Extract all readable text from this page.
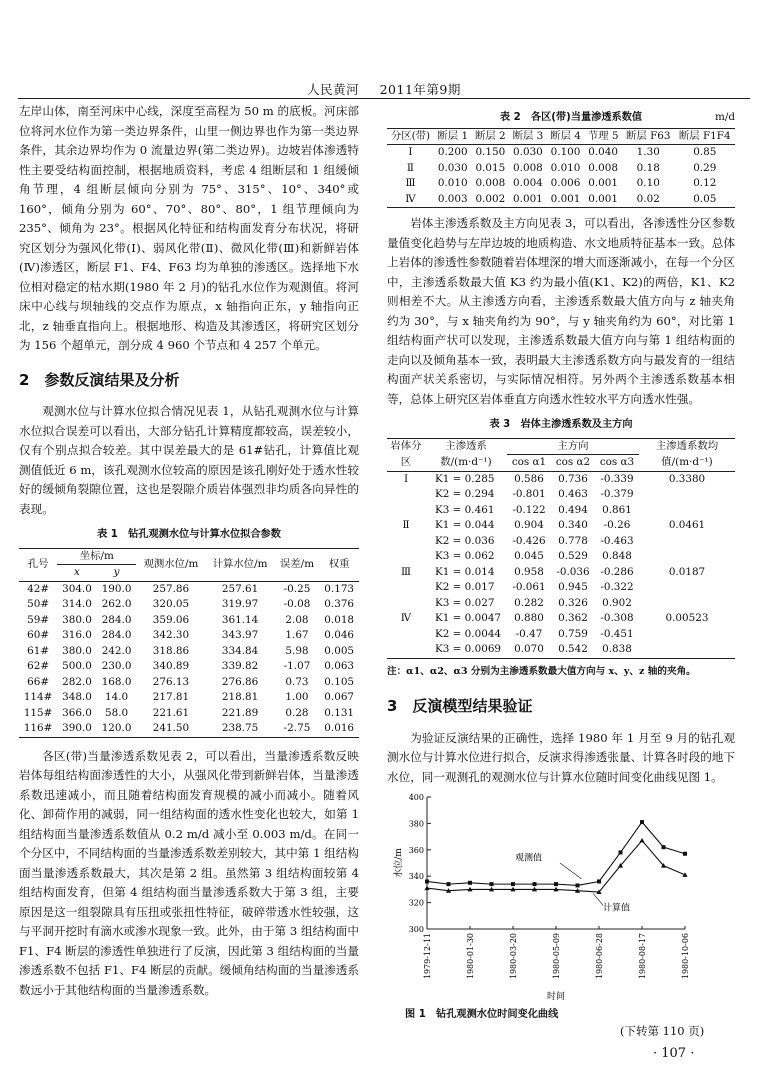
人民黄河 2011年第9期

左岸山体，南至河床中心线，深度至高程为 50 m 的底板。河床部位将河水位作为第一类边界条件，山里一侧边界也作为第一类边界条件，其余边界均作为 0 流量边界(第二类边界)。边坡岩体渗透特性主要受结构面控制，根据地质资料，考虑 4 组断层和 1 组缓倾角节理，4 组断层倾向分别为 75°、315°、10°、340°或 160°，倾角分别为 60°、70°、80°、80°，1 组节理倾向为 235°、倾角为 23°。根据风化特征和结构面发育分布状况，将研究区划分为强风化带(Ⅰ)、弱风化带(Ⅱ)、微风化带(Ⅲ)和新鲜岩体(Ⅳ)渗透区，断层 F1、F4、F63 均为单独的渗透区。选择地下水位相对稳定的枯水期(1980 年 2 月)的钻孔水位作为观测值。将河床中心线与坝轴线的交点作为原点，x 轴指向正东，y 轴指向正北，z 轴垂直指向上。根据地形、构造及其渗透区，将研究区划分为 156 个超单元，剖分成 4 960 个节点和 4 257 个单元。

2　参数反演结果及分析

观测水位与计算水位拟合情况见表 1，从钻孔观测水位与计算水位拟合误差可以看出，大部分钻孔计算精度都较高，误差较小，仅有个别点拟合较差。其中误差最大的是 61#钻孔，计算值比观测值低近 6 m，该孔观测水位较高的原因是该孔刚好处于透水性较好的缓倾角裂隙位置，这也是裂隙介质岩体强烈非均质各向异性的表现。

表 1　钻孔观测水位与计算水位拟合参数
孔号	坐标/m		观测水位/m	计算水位/m	误差/m	权重
	x	y				
42#	304.0	190.0	257.86	257.61	-0.25	0.173
50#	314.0	262.0	320.05	319.97	-0.08	0.376
59#	380.0	284.0	359.06	361.14	2.08	0.018
60#	316.0	284.0	342.30	343.97	1.67	0.046
61#	380.0	242.0	318.86	334.84	5.98	0.005
62#	500.0	230.0	340.89	339.82	-1.07	0.063
66#	282.0	168.0	276.13	276.86	0.73	0.105
114#	348.0	14.0	217.81	218.81	1.00	0.067
115#	366.0	58.0	221.61	221.89	0.28	0.131
116#	390.0	120.0	241.50	238.75	-2.75	0.016

各区(带)当量渗透系数见表 2，可以看出，当量渗透系数反映岩体每组结构面渗透性的大小，从强风化带到新鲜岩体，当量渗透系数迅速减小，而且随着结构面发育规模的减小而减小。随着风化、卸荷作用的减弱，同一组结构面的透水性变化也较大，如第 1 组结构面当量渗透系数值从 0.2 m/d 减小至 0.003 m/d。在同一个分区中，不同结构面的当量渗透系数差别较大，其中第 1 组结构面当量渗透系数最大，其次是第 2 组。虽然第 3 组结构面较第 4 组结构面发育，但第 4 组结构面当量渗透系数大于第 3 组，主要原因是这一组裂隙具有压扭或张扭性特征，破碎带透水性较强，这与平洞开挖时有滴水或渗水现象一致。此外，由于第 3 组结构面中 F1、F4 断层的渗透性单独进行了反演，因此第 3 组结构面的当量渗透系数不包括 F1、F4 断层的贡献。缓倾角结构面的当量渗透系数远小于其他结构面的当量渗透系数。

表 2　各区(带)当量渗透系数值	m/d
分区(带)	断层 1	断层 2	断层 3	断层 4	节理 5	断层 F63	断层 F1F4
Ⅰ	0.200	0.150	0.030	0.100	0.040	1.30	0.85
Ⅱ	0.030	0.015	0.008	0.010	0.008	0.18	0.29
Ⅲ	0.010	0.008	0.004	0.006	0.001	0.10	0.12
Ⅳ	0.003	0.002	0.001	0.001	0.001	0.02	0.05

岩体主渗透系数及主方向见表 3，可以看出，各渗透性分区参数量值变化趋势与左岸边坡的地质构造、水文地质特征基本一致。总体上岩体的渗透性参数随着岩体埋深的增大而逐渐减小，在每一个分区中，主渗透系数最大值 K3 约为最小值(K1、K2)的两倍，K1、K2 则相差不大。从主渗透方向看，主渗透系数最大值方向与 z 轴夹角约为 30°，与 x 轴夹角约为 90°，与 y 轴夹角约为 60°，对比第 1 组结构面产状可以发现，主渗透系数最大值方向与第 1 组结构面的走向以及倾角基本一致，表明最大主渗透系数方向与最发育的一组结构面产状关系密切，与实际情况相符。另外两个主渗透系数基本相等，总体上研究区岩体垂直方向透水性较水平方向透水性强。

表 3　岩体主渗透系数及主方向
岩体分区	主渗透系数/(m·d⁻¹)	主方向			主渗透系数均值/(m·d⁻¹)
		cos α1	cos α2	cos α3	
Ⅰ	K1 = 0.285	0.586	0.736	-0.339	0.3380
	K2 = 0.294	-0.801	0.463	-0.379	
	K3 = 0.461	-0.122	0.494	0.861	
Ⅱ	K1 = 0.044	0.904	0.340	-0.26	0.0461
	K2 = 0.036	-0.426	0.778	-0.463	
	K3 = 0.062	0.045	0.529	0.848	
Ⅲ	K1 = 0.014	0.958	-0.036	-0.286	0.0187
	K2 = 0.017	-0.061	0.945	-0.322	
	K3 = 0.027	0.282	0.326	0.902	
Ⅳ	K1 = 0.0047	0.880	0.362	-0.308	0.00523
	K2 = 0.0044	-0.47	0.759	-0.451	
	K3 = 0.0069	0.070	0.542	0.838	

注：α1、α2、α3 分别为主渗透系数最大值方向与 x、y、z 轴的夹角。

3　反演模型结果验证

为验证反演结果的正确性，选择 1980 年 1 月至 9 月的钻孔观测水位与计算水位进行拟合，反演求得渗透张量、计算各时段的地下水位，同一观测孔的观测水位与计算水位随时间变化曲线见图 1。

300
320
340
360
380
400
水位/m
1979-12-11	1980-01-30	1980-03-20	1980-05-09	1980-06-28	1980-08-17	1980-10-06
时间
观测值
计算值
图 1　钻孔观测水位时间变化曲线
(下转第 110 页)
· 107 ·
